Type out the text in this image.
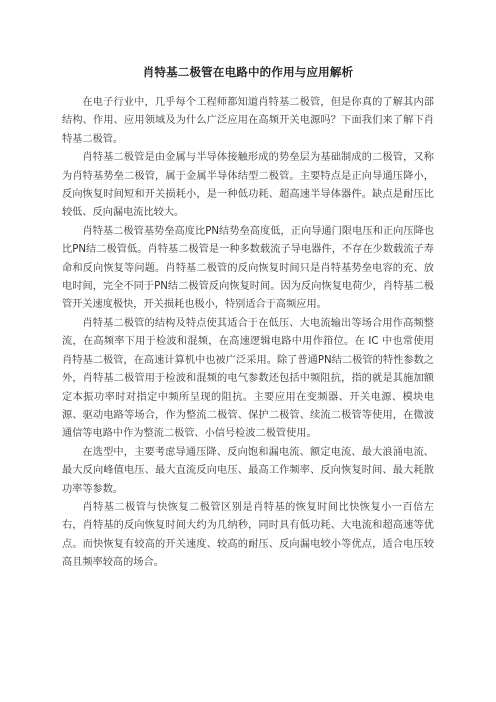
肖特基二极管在电路中的作用与应用解析

在电子行业中，几乎每个工程师都知道肖特基二极管，但是你真的了解其内部结构、作用、应用领域及为什么广泛应用在高频开关电源吗？下面我们来了解下肖特基二极管。

肖特基二极管是由金属与半导体接触形成的势垒层为基础制成的二极管，又称为肖特基势垒二极管，属于金属半导体结型二极管。主要特点是正向导通压降小，反向恢复时间短和开关损耗小，是一种低功耗、超高速半导体器件。缺点是耐压比较低、反向漏电流比较大。

肖特基二极管基势垒高度比PN结势垒高度低，正向导通门限电压和正向压降也比PN结二极管低。肖特基二极管是一种多数载流子导电器件，不存在少数载流子寿命和反向恢复等问题。肖特基二极管的反向恢复时间只是肖特基势垒电容的充、放电时间，完全不同于PN结二极管反向恢复时间。因为反向恢复电荷少，肖特基二极管开关速度极快，开关损耗也极小，特别适合于高频应用。

肖特基二极管的结构及特点使其适合于在低压、大电流输出等场合用作高频整流，在高频率下用于检波和混频，在高速逻辑电路中用作箝位。在 IC 中也常使用肖特基二极管，在高速计算机中也被广泛采用。除了普通PN结二极管的特性参数之外，肖特基二极管用于检波和混频的电气参数还包括中频阻抗，指的就是其施加额定本振功率时对指定中频所呈现的阻抗。主要应用在变频器、开关电源、模块电源、驱动电路等场合，作为整流二极管、保护二极管、续流二极管等使用，在微波通信等电路中作为整流二极管、小信号检波二极管使用。

在选型中，主要考虑导通压降、反向饱和漏电流、额定电流、最大浪涌电流、最大反向峰值电压、最大直流反向电压、最高工作频率、反向恢复时间、最大耗散功率等参数。

肖特基二极管与快恢复二极管区别是肖特基的恢复时间比快恢复小一百倍左右，肖特基的反向恢复时间大约为几纳秒，同时具有低功耗、大电流和超高速等优点。而快恢复有较高的开关速度、较高的耐压、反向漏电较小等优点，适合电压较高且频率较高的场合。
